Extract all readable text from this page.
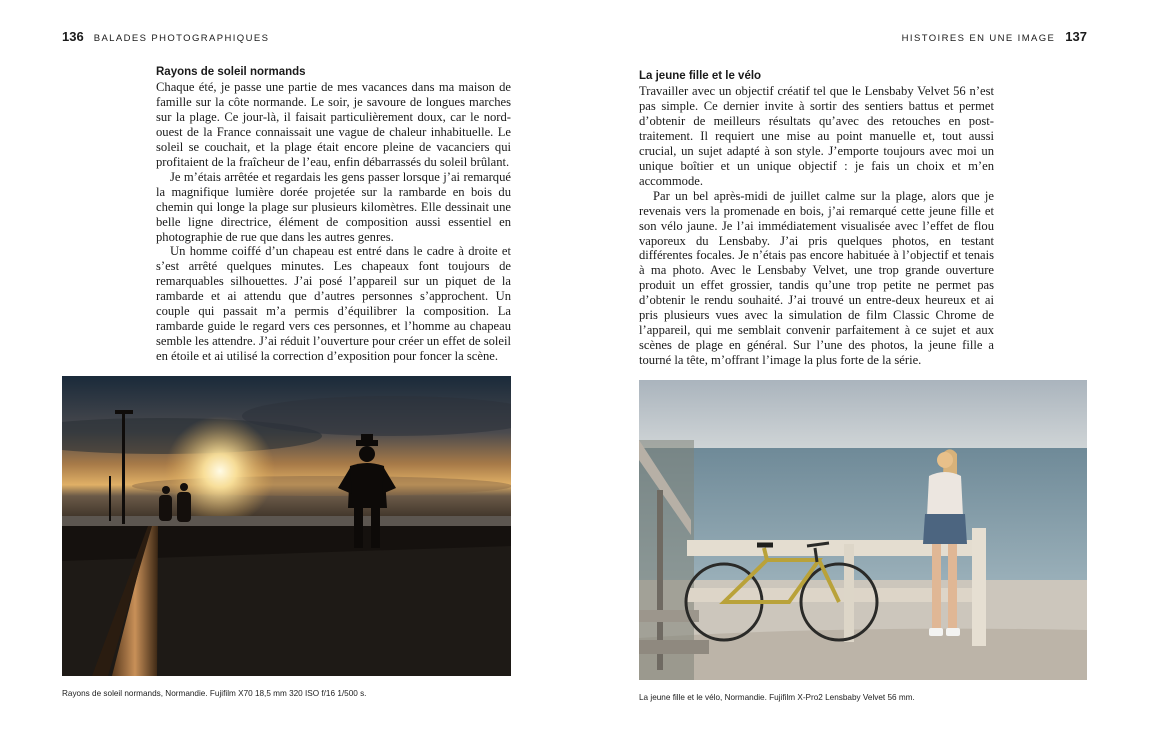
136 BALADES PHOTOGRAPHIQUES
Rayons de soleil normands

Chaque été, je passe une partie de mes vacances dans ma maison de famille sur la côte normande. Le soir, je savoure de longues marches sur la plage. Ce jour-là, il faisait particulièrement doux, car le nord-ouest de la France connaissait une vague de chaleur inhabituelle. Le soleil se couchait, et la plage était encore pleine de vacanciers qui profitaient de la fraîcheur de l’eau, enfin débarrassés du soleil brûlant.

Je m’étais arrêtée et regardais les gens passer lorsque j’ai remarqué la magnifique lumière dorée projetée sur la rambarde en bois du chemin qui longe la plage sur plusieurs kilomètres. Elle dessinait une belle ligne directrice, élément de composition aussi essentiel en photographie de rue que dans les autres genres.

Un homme coiffé d’un chapeau est entré dans le cadre à droite et s’est arrêté quelques minutes. Les chapeaux font toujours de remarquables silhouettes. J’ai posé l’appareil sur un piquet de la rambarde et ai attendu que d’autres personnes s’approchent. Un couple qui passait m’a permis d’équilibrer la composition. La rambarde guide le regard vers ces personnes, et l’homme au chapeau semble les attendre. J’ai réduit l’ouverture pour créer un effet de soleil en étoile et ai utilisé la correction d’exposition pour foncer la scène.

Rayons de soleil normands, Normandie. Fujifilm X70 18,5 mm 320 ISO f/16 1/500 s.
HISTOIRES EN UNE IMAGE 137
La jeune fille et le vélo

Travailler avec un objectif créatif tel que le Lensbaby Velvet 56 n’est pas simple. Ce dernier invite à sortir des sentiers battus et permet d’obtenir de meilleurs résultats qu’avec des retouches en post-traitement. Il requiert une mise au point manuelle et, tout aussi crucial, un sujet adapté à son style. J’emporte toujours avec moi un unique boîtier et un unique objectif : je fais un choix et m’en accommode.

Par un bel après-midi de juillet calme sur la plage, alors que je revenais vers la promenade en bois, j’ai remarqué cette jeune fille et son vélo jaune. Je l’ai immédiatement visualisée avec l’effet de flou vaporeux du Lensbaby. J’ai pris quelques photos, en testant différentes focales. Je n’étais pas encore habituée à l’objectif et tenais à ma photo. Avec le Lensbaby Velvet, une trop grande ouverture produit un effet grossier, tandis qu’une trop petite ne permet pas d’obtenir le rendu souhaité. J’ai trouvé un entre-deux heureux et ai pris plusieurs vues avec la simulation de film Classic Chrome de l’appareil, qui me semblait convenir parfaitement à ce sujet et aux scènes de plage en général. Sur l’une des photos, la jeune fille a tourné la tête, m’offrant l’image la plus forte de la série.

La jeune fille et le vélo, Normandie. Fujifilm X-Pro2 Lensbaby Velvet 56 mm.
